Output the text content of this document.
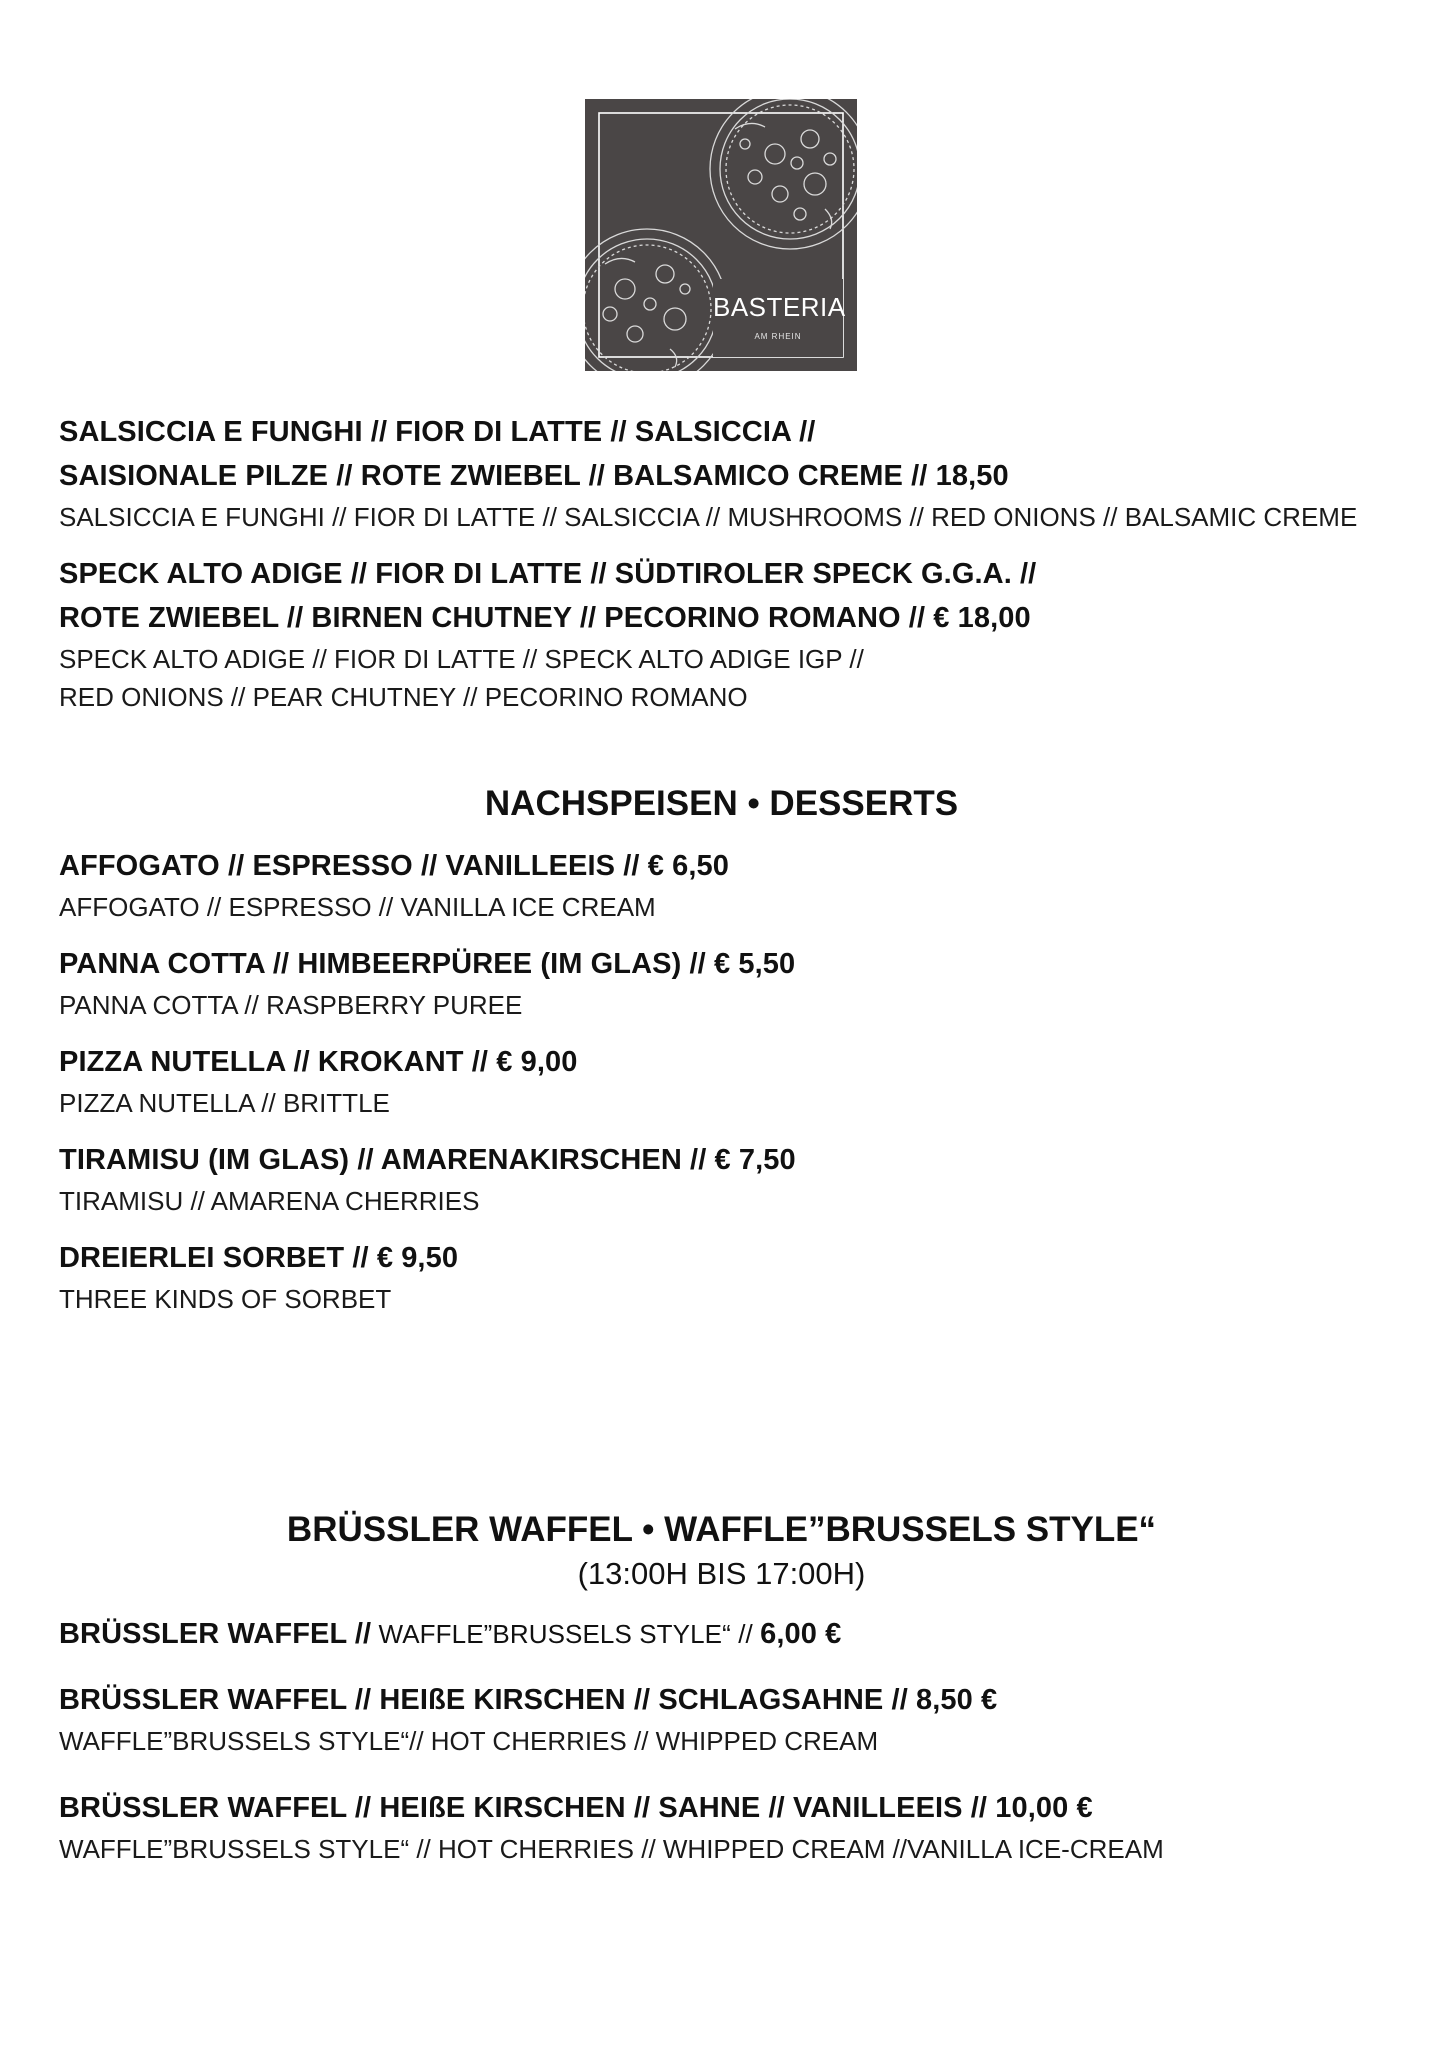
BASTERIA
AM RHEIN
SALSICCIA E FUNGHI // FIOR DI LATTE // SALSICCIA //
SAISIONALE PILZE // ROTE ZWIEBEL // BALSAMICO CREME // 18,50
SALSICCIA E FUNGHI // FIOR DI LATTE // SALSICCIA // MUSHROOMS // RED ONIONS // BALSAMIC CREME
SPECK ALTO ADIGE // FIOR DI LATTE // SÜDTIROLER SPECK G.G.A. //
ROTE ZWIEBEL // BIRNEN CHUTNEY // PECORINO ROMANO // € 18,00
SPECK ALTO ADIGE // FIOR DI LATTE // SPECK ALTO ADIGE IGP //
RED ONIONS // PEAR CHUTNEY // PECORINO ROMANO
NACHSPEISEN • DESSERTS
AFFOGATO // ESPRESSO // VANILLEEIS // € 6,50
AFFOGATO // ESPRESSO // VANILLA ICE CREAM
PANNA COTTA // HIMBEERPÜREE (IM GLAS) // € 5,50
PANNA COTTA // RASPBERRY PUREE
PIZZA NUTELLA // KROKANT // € 9,00
PIZZA NUTELLA // BRITTLE
TIRAMISU (IM GLAS) // AMARENAKIRSCHEN // € 7,50
TIRAMISU // AMARENA CHERRIES
DREIERLEI SORBET // € 9,50
THREE KINDS OF SORBET
BRÜSSLER WAFFEL • WAFFLE”BRUSSELS STYLE“
(13:00H BIS 17:00H)
BRÜSSLER WAFFEL // WAFFLE”BRUSSELS STYLE“ // 6,00 €
BRÜSSLER WAFFEL // HEIßE KIRSCHEN // SCHLAGSAHNE // 8,50 €
WAFFLE”BRUSSELS STYLE“// HOT CHERRIES // WHIPPED CREAM
BRÜSSLER WAFFEL // HEIßE KIRSCHEN // SAHNE // VANILLEEIS // 10,00 €
WAFFLE”BRUSSELS STYLE“ // HOT CHERRIES // WHIPPED CREAM //VANILLA ICE-CREAM
